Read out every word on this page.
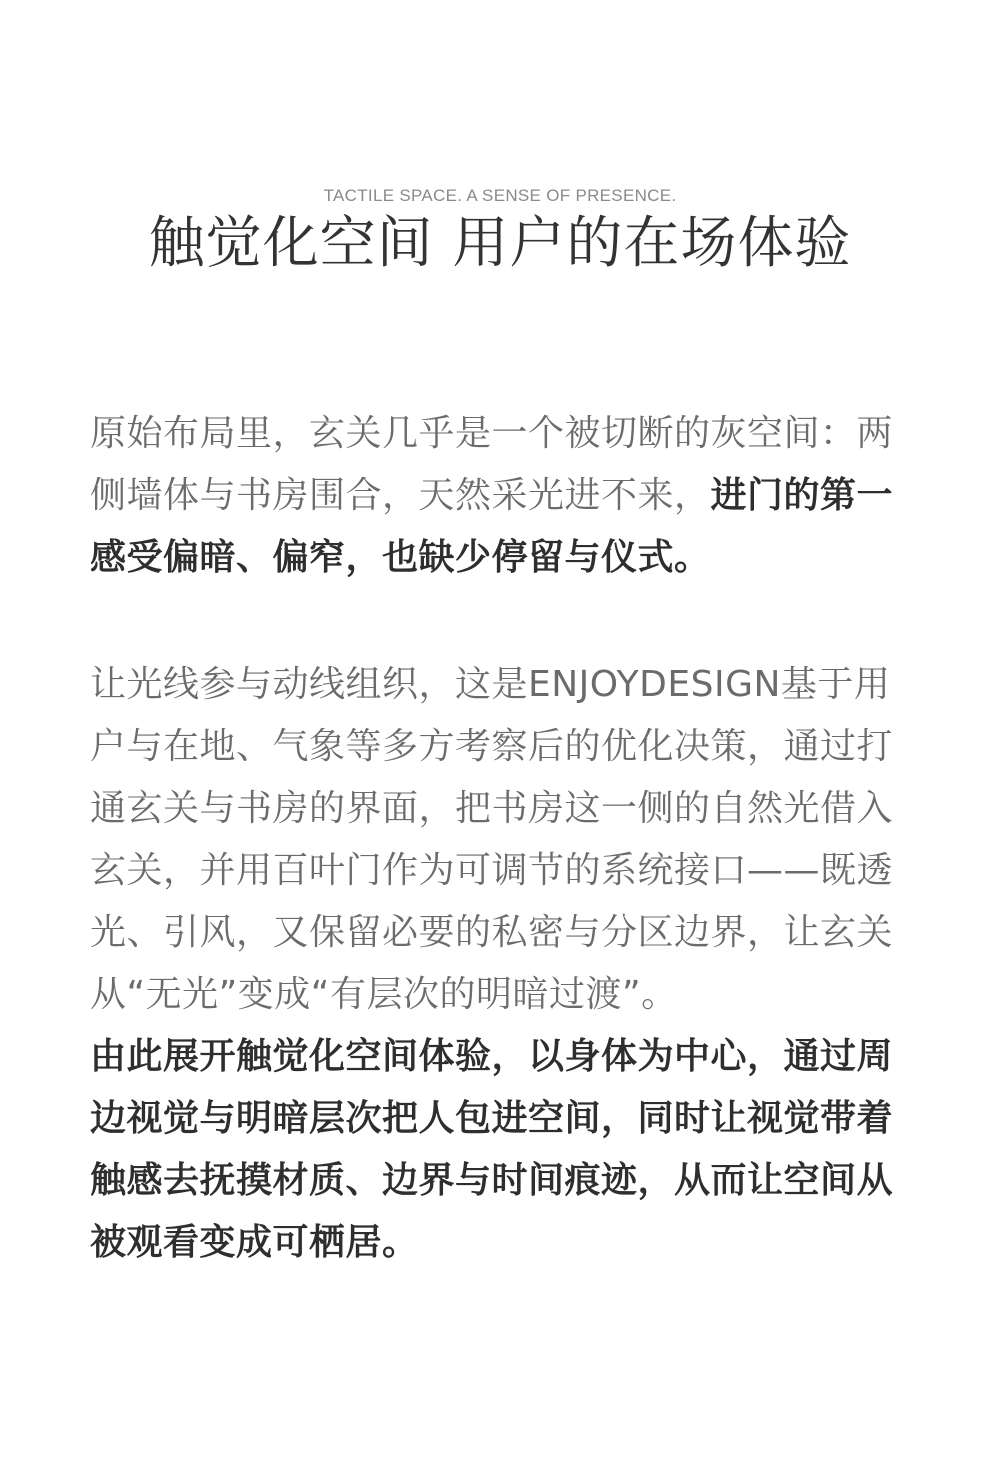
TACTILE SPACE. A SENSE OF PRESENCE.
触觉化空间 用户的在场体验
原始布局里，玄关几乎是一个被切断的灰空间：两侧墙体与书房围合，天然采光进不来，进门的第一感受偏暗、偏窄，也缺少停留与仪式。
让光线参与动线组织，这是ENJOYDESIGN基于用户与在地、气象等多方考察后的优化决策，通过打通玄关与书房的界面，把书房这一侧的自然光借入玄关，并用百叶门作为可调节的系统接口——既透光、引风，又保留必要的私密与分区边界，让玄关从“无光”变成“有层次的明暗过渡”。
由此展开触觉化空间体验，以身体为中心，通过周边视觉与明暗层次把人包进空间，同时让视觉带着触感去抚摸材质、边界与时间痕迹，从而让空间从被观看变成可栖居。
